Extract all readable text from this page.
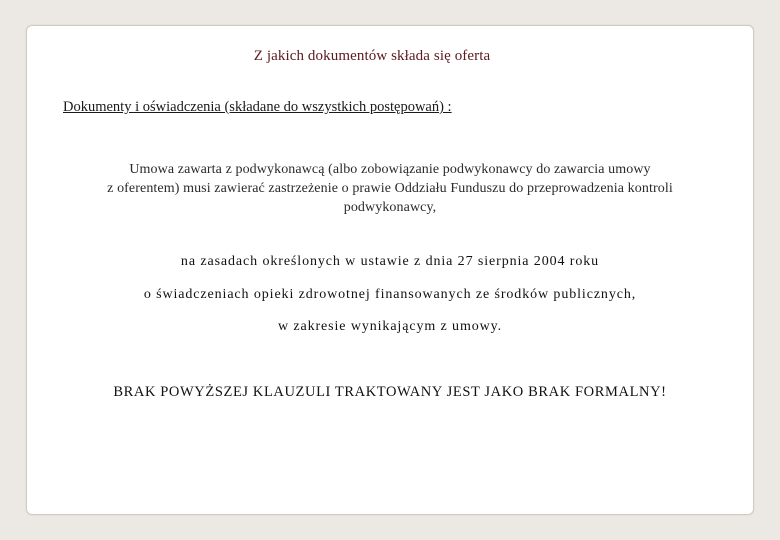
Z jakich dokumentów składa się oferta
Dokumenty i oświadczenia (składane do wszystkich postępowań) :
Umowa zawarta z podwykonawcą (albo zobowiązanie podwykonawcy do zawarcia umowy
z oferentem) musi zawierać zastrzeżenie o prawie Oddziału Funduszu do przeprowadzenia kontroli
podwykonawcy,
na zasadach określonych w ustawie z dnia 27 sierpnia 2004 roku
o świadczeniach opieki zdrowotnej finansowanych ze środków publicznych,
w zakresie wynikającym z umowy.
BRAK POWYŻSZEJ KLAUZULI TRAKTOWANY JEST JAKO BRAK FORMALNY!
